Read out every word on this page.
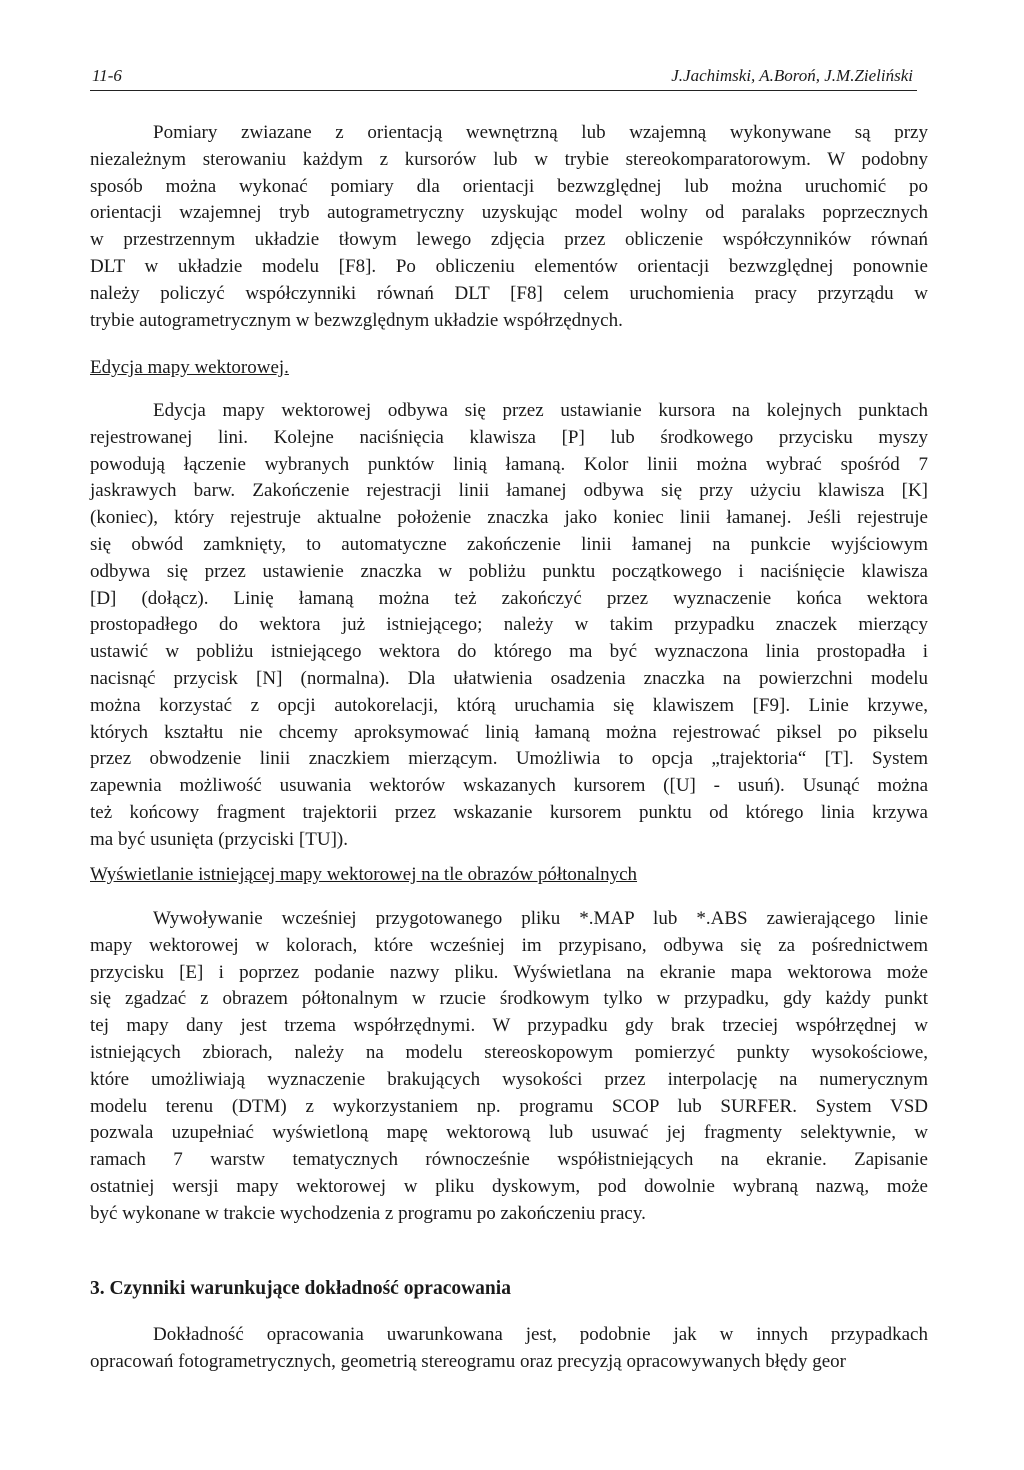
11-6	J.Jachimski, A.Boroń, J.M.Zieliński

Pomiary zwiazane z orientacją wewnętrzną lub wzajemną wykonywane są przy
niezależnym sterowaniu każdym z kursorów lub w trybie stereokomparatorowym. W podobny
sposób można wykonać pomiary dla orientacji bezwzględnej lub można uruchomić po
orientacji wzajemnej tryb autogrametryczny uzyskując model wolny od paralaks poprzecznych
w przestrzennym układzie tłowym lewego zdjęcia przez obliczenie współczynników równań
DLT w układzie modelu [F8]. Po obliczeniu elementów orientacji bezwzględnej ponownie
należy policzyć współczynniki równań DLT [F8] celem uruchomienia pracy przyrządu w
trybie autogrametrycznym w bezwzględnym układzie współrzędnych.

Edycja mapy wektorowej.

Edycja mapy wektorowej odbywa się przez ustawianie kursora na kolejnych punktach
rejestrowanej lini. Kolejne naciśnięcia klawisza [P] lub środkowego przycisku myszy
powodują łączenie wybranych punktów linią łamaną. Kolor linii można wybrać spośród 7
jaskrawych barw. Zakończenie rejestracji linii łamanej odbywa się przy użyciu klawisza [K]
(koniec), który rejestruje aktualne położenie znaczka jako koniec linii łamanej. Jeśli rejestruje
się obwód zamknięty, to automatyczne zakończenie linii łamanej na punkcie wyjściowym
odbywa się przez ustawienie znaczka w pobliżu punktu początkowego i naciśnięcie klawisza
[D] (dołącz). Linię łamaną można też zakończyć przez wyznaczenie końca wektora
prostopadłego do wektora już istniejącego; należy w takim przypadku znaczek mierzący
ustawić w pobliżu istniejącego wektora do którego ma być wyznaczona linia prostopadła i
nacisnąć przycisk [N] (normalna). Dla ułatwienia osadzenia znaczka na powierzchni modelu
można korzystać z opcji autokorelacji, którą uruchamia się klawiszem [F9]. Linie krzywe,
których kształtu nie chcemy aproksymować linią łamaną można rejestrować piksel po pikselu
przez obwodzenie linii znaczkiem mierzącym. Umożliwia to opcja „trajektoria“ [T]. System
zapewnia możliwość usuwania wektorów wskazanych kursorem ([U] - usuń). Usunąć można
też końcowy fragment trajektorii przez wskazanie kursorem punktu od którego linia krzywa
ma być usunięta (przyciski [TU]).

Wyświetlanie istniejącej mapy wektorowej na tle obrazów półtonalnych

Wywoływanie wcześniej przygotowanego pliku *.MAP lub *.ABS zawierającego linie
mapy wektorowej w kolorach, które wcześniej im przypisano, odbywa się za pośrednictwem
przycisku [E] i poprzez podanie nazwy pliku. Wyświetlana na ekranie mapa wektorowa może
się zgadzać z obrazem półtonalnym w rzucie środkowym tylko w przypadku, gdy każdy punkt
tej mapy dany jest trzema współrzędnymi. W przypadku gdy brak trzeciej współrzędnej w
istniejących zbiorach, należy na modelu stereoskopowym pomierzyć punkty wysokościowe,
które umożliwiają wyznaczenie brakujących wysokości przez interpolację na numerycznym
modelu terenu (DTM) z wykorzystaniem np. programu SCOP lub SURFER. System VSD
pozwala uzupełniać wyświetloną mapę wektorową lub usuwać jej fragmenty selektywnie, w
ramach 7 warstw tematycznych równocześnie współistniejących na ekranie. Zapisanie
ostatniej wersji mapy wektorowej w pliku dyskowym, pod dowolnie wybraną nazwą, może
być wykonane w trakcie wychodzenia z programu po zakończeniu pracy.

3. Czynniki warunkujące dokładność opracowania

Dokładność opracowania uwarunkowana jest, podobnie jak w innych przypadkach
opracowań fotogrametrycznych, geometrią stereogramu oraz precyzją opracowywanych błędy geor
